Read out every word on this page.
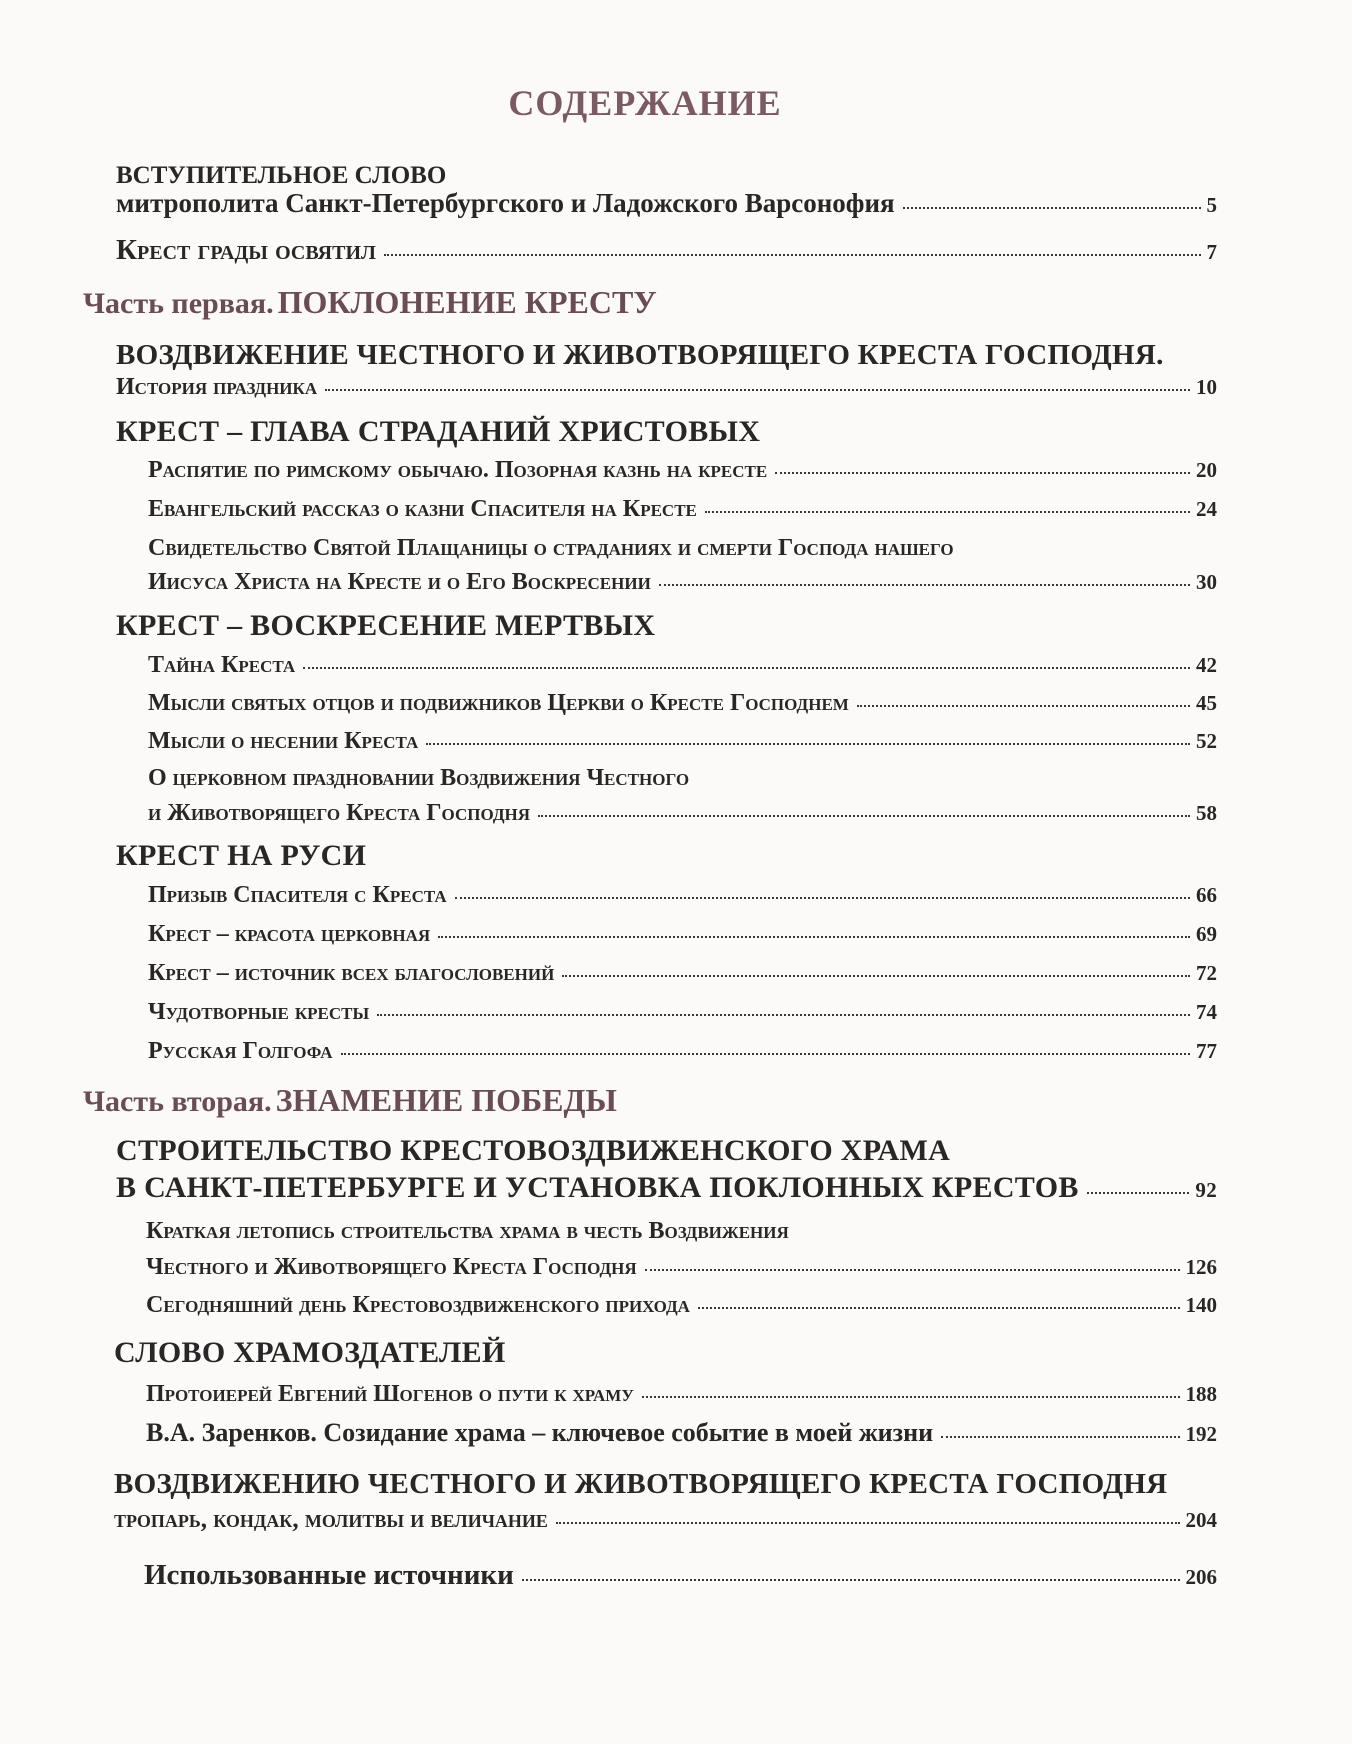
СОДЕРЖАНИЕ
ВСТУПИТЕЛЬНОЕ СЛОВО
митрополита Санкт-Петербургского и Ладожского Варсонофия	5
Крест грады освятил	7
Часть первая.
ПОКЛОНЕНИЕ КРЕСТУ
ВОЗДВИЖЕНИЕ ЧЕСТНОГО И ЖИВОТВОРЯЩЕГО КРЕСТА ГОСПОДНЯ.
История праздника	10
КРЕСТ – ГЛАВА СТРАДАНИЙ ХРИСТОВЫХ
Распятие по римскому обычаю. Позорная казнь на кресте	20
Евангельский рассказ о казни Спасителя на Кресте	24
Свидетельство Святой Плащаницы о страданиях и смерти Господа нашего
Иисуса Христа на Кресте и о Его Воскресении	30
КРЕСТ – ВОСКРЕСЕНИЕ МЕРТВЫХ
Тайна Креста	42
Мысли святых отцов и подвижников Церкви о Кресте Господнем	45
Мысли о несении Креста	52
О церковном праздновании Воздвижения Честного
и Животворящего Креста Господня	58
КРЕСТ НА РУСИ
Призыв Спасителя с Креста	66
Крест – красота церковная	69
Крест – источник всех благословений	72
Чудотворные кресты	74
Русская Голгофа	77
Часть вторая.
ЗНАМЕНИЕ ПОБЕДЫ
СТРОИТЕЛЬСТВО КРЕСТОВОЗДВИЖЕНСКОГО ХРАМА
В САНКТ-ПЕТЕРБУРГЕ И УСТАНОВКА ПОКЛОННЫХ КРЕСТОВ	92
Краткая летопись строительства храма в честь Воздвижения
Честного и Животворящего Креста Господня	126
Сегодняшний день Крестовоздвиженского прихода	140
СЛОВО ХРАМОЗДАТЕЛЕЙ
Протоиерей Евгений Шогенов о пути к храму	188
В.А. Заренков. Созидание храма – ключевое событие в моей жизни	192
ВОЗДВИЖЕНИЮ ЧЕСТНОГО И ЖИВОТВОРЯЩЕГО КРЕСТА ГОСПОДНЯ
тропарь, кондак, молитвы и величание	204
Использованные источники	206
